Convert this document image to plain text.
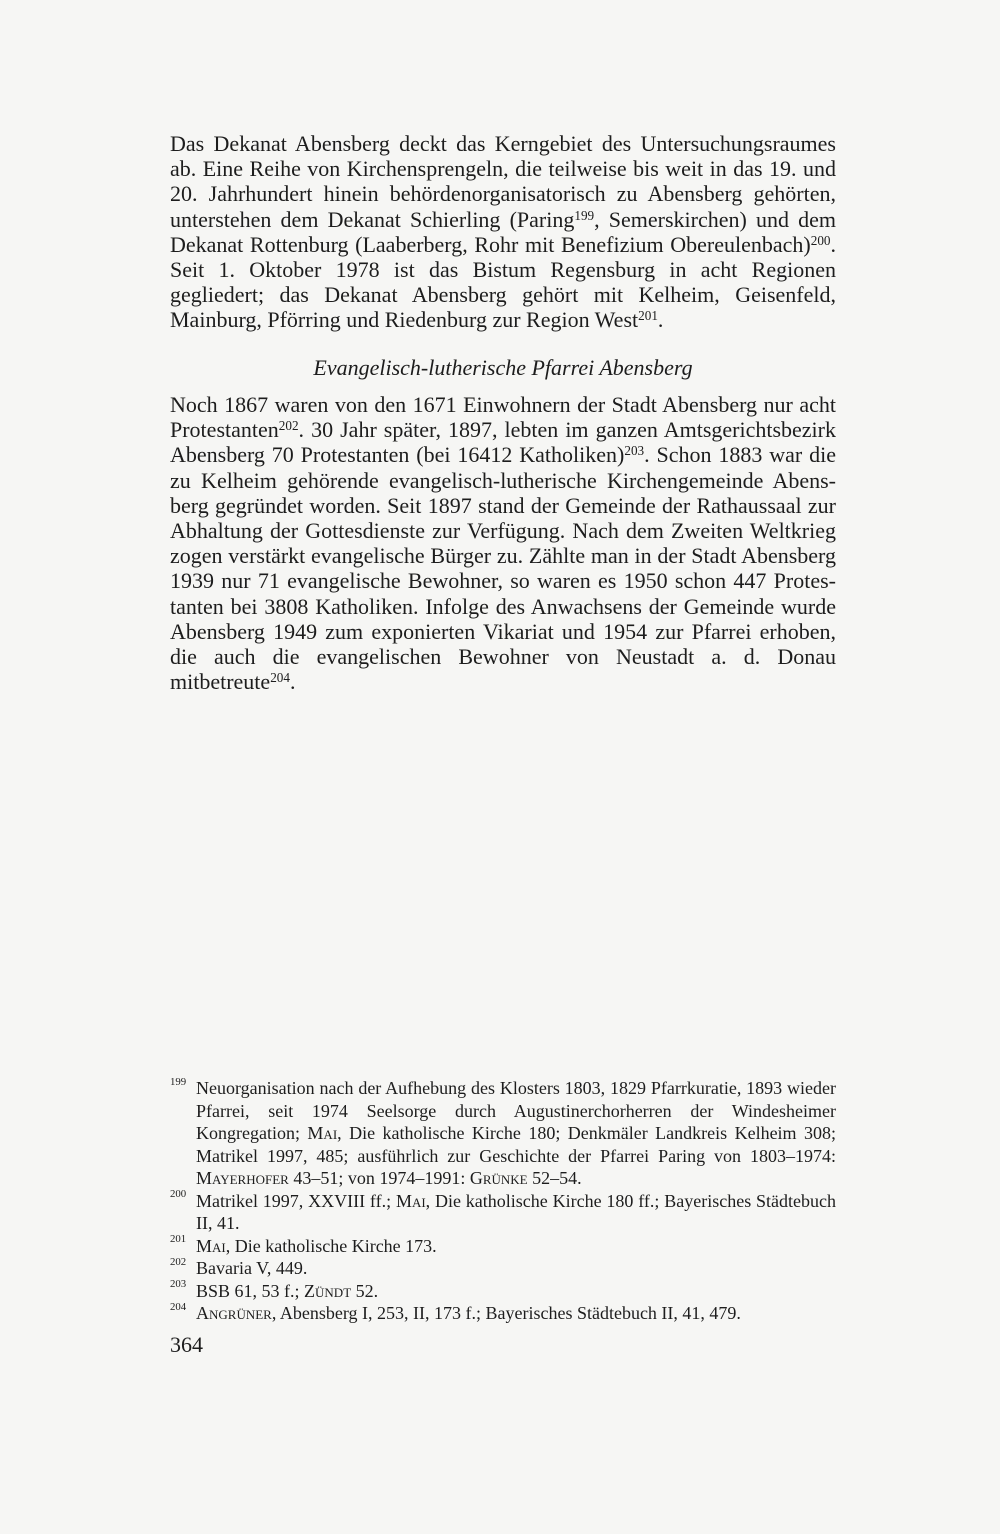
Das Dekanat Abensberg deckt das Kerngebiet des Untersuchungsraumes ab. Eine Reihe von Kirchensprengeln, die teilweise bis weit in das 19. und 20. Jahrhundert hinein behördenorganisatorisch zu Abensberg gehörten, unterstehen dem Dekanat Schierling (Paring$^{199}$, Semerskirchen) und dem Dekanat Rottenburg (Laaberberg, Rohr mit Benefizium Obereulenbach)$^{200}$. Seit 1. Oktober 1978 ist das Bistum Regensburg in acht Regionen gegliedert; das Dekanat Abensberg gehört mit Kelheim, Geisenfeld, Mainburg, Pförring und Riedenburg zur Region West$^{201}$.

Evangelisch-lutherische Pfarrei Abensberg

Noch 1867 waren von den 1671 Einwohnern der Stadt Abensberg nur acht Protestanten$^{202}$. 30 Jahr später, 1897, lebten im ganzen Amtsgerichtsbezirk Abensberg 70 Protestanten (bei 16412 Katholiken)$^{203}$. Schon 1883 war die zu Kelheim gehörende evangelisch-lutherische Kirchengemeinde Abensberg gegründet worden. Seit 1897 stand der Gemeinde der Rathaussaal zur Abhaltung der Gottesdienste zur Verfügung. Nach dem Zweiten Weltkrieg zogen verstärkt evangelische Bürger zu. Zählte man in der Stadt Abensberg 1939 nur 71 evangelische Bewohner, so waren es 1950 schon 447 Protestanten bei 3808 Katholiken. Infolge des Anwachsens der Gemeinde wurde Abensberg 1949 zum exponierten Vikariat und 1954 zur Pfarrei erhoben, die auch die evangelischen Bewohner von Neustadt a. d. Donau mitbetreute$^{204}$.

199 Neuorganisation nach der Aufhebung des Klosters 1803, 1829 Pfarrkuratie, 1893 wieder Pfarrei, seit 1974 Seelsorge durch Augustinerchorherren der Windesheimer Kongregation; Mai, Die katholische Kirche 180; Denkmäler Landkreis Kelheim 308; Matrikel 1997, 485; ausführlich zur Geschichte der Pfarrei Paring von 1803–1974: Mayerhofer 43–51; von 1974–1991: Grünke 52–54.

200 Matrikel 1997, XXVIII ff.; Mai, Die katholische Kirche 180 ff.; Bayerisches Städtebuch II, 41.

201 Mai, Die katholische Kirche 173.

202 Bavaria V, 449.

203 BSB 61, 53 f.; Zündt 52.

204 Angrüner, Abensberg I, 253, II, 173 f.; Bayerisches Städtebuch II, 41, 479.

364
